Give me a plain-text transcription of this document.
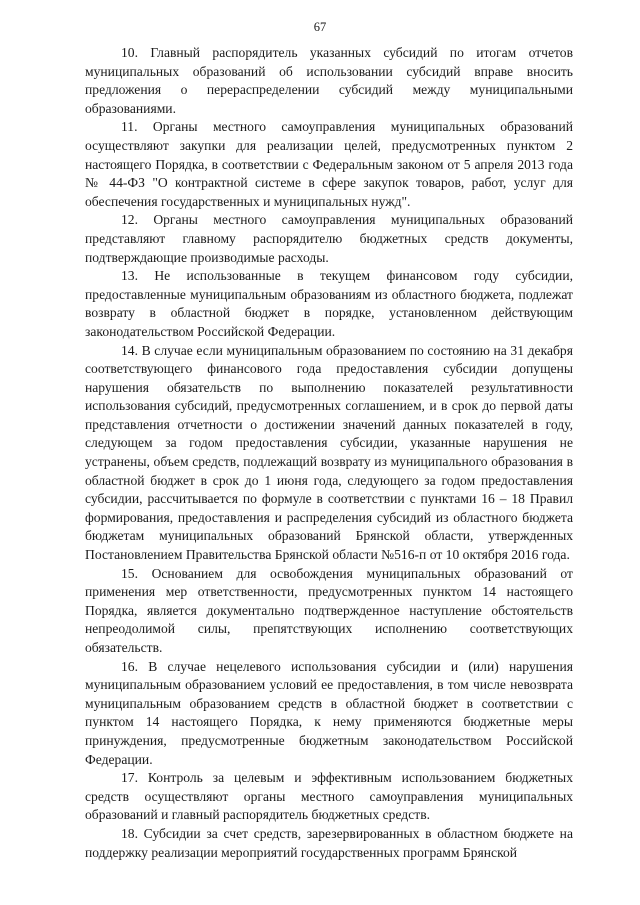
67

10. Главный распорядитель указанных субсидий по итогам отчетов муниципальных образований об использовании субсидий вправе вносить предложения о перераспределении субсидий между муниципальными образованиями.

11. Органы местного самоуправления муниципальных образований осуществляют закупки для реализации целей, предусмотренных пунктом 2 настоящего Порядка, в соответствии с Федеральным законом от 5 апреля 2013 года № 44-ФЗ "О контрактной системе в сфере закупок товаров, работ, услуг для обеспечения государственных и муниципальных нужд".

12. Органы местного самоуправления муниципальных образований представляют главному распорядителю бюджетных средств документы, подтверждающие производимые расходы.

13. Не использованные в текущем финансовом году субсидии, предоставленные муниципальным образованиям из областного бюджета, подлежат возврату в областной бюджет в порядке, установленном действующим законодательством Российской Федерации.

14. В случае если муниципальным образованием по состоянию на 31 декабря соответствующего финансового года предоставления субсидии допущены нарушения обязательств по выполнению показателей результативности использования субсидий, предусмотренных соглашением, и в срок до первой даты представления отчетности о достижении значений данных показателей в году, следующем за годом предоставления субсидии, указанные нарушения не устранены, объем средств, подлежащий возврату из муниципального образования в областной бюджет в срок до 1 июня года, следующего за годом предоставления субсидии, рассчитывается по формуле в соответствии с пунктами 16 – 18 Правил формирования, предоставления и распределения субсидий из областного бюджета бюджетам муниципальных образований Брянской области, утвержденных Постановлением Правительства Брянской области №516-п от 10 октября 2016 года.

15. Основанием для освобождения муниципальных образований от применения мер ответственности, предусмотренных пунктом 14 настоящего Порядка, является документально подтвержденное наступление обстоятельств непреодолимой силы, препятствующих исполнению соответствующих обязательств.

16. В случае нецелевого использования субсидии и (или) нарушения муниципальным образованием условий ее предоставления, в том числе невозврата муниципальным образованием средств в областной бюджет в соответствии с пунктом 14 настоящего Порядка, к нему применяются бюджетные меры принуждения, предусмотренные бюджетным законодательством Российской Федерации.

17. Контроль за целевым и эффективным использованием бюджетных средств осуществляют органы местного самоуправления муниципальных образований и главный распорядитель бюджетных средств.

18. Субсидии за счет средств, зарезервированных в областном бюджете на поддержку реализации мероприятий государственных программ Брянской
